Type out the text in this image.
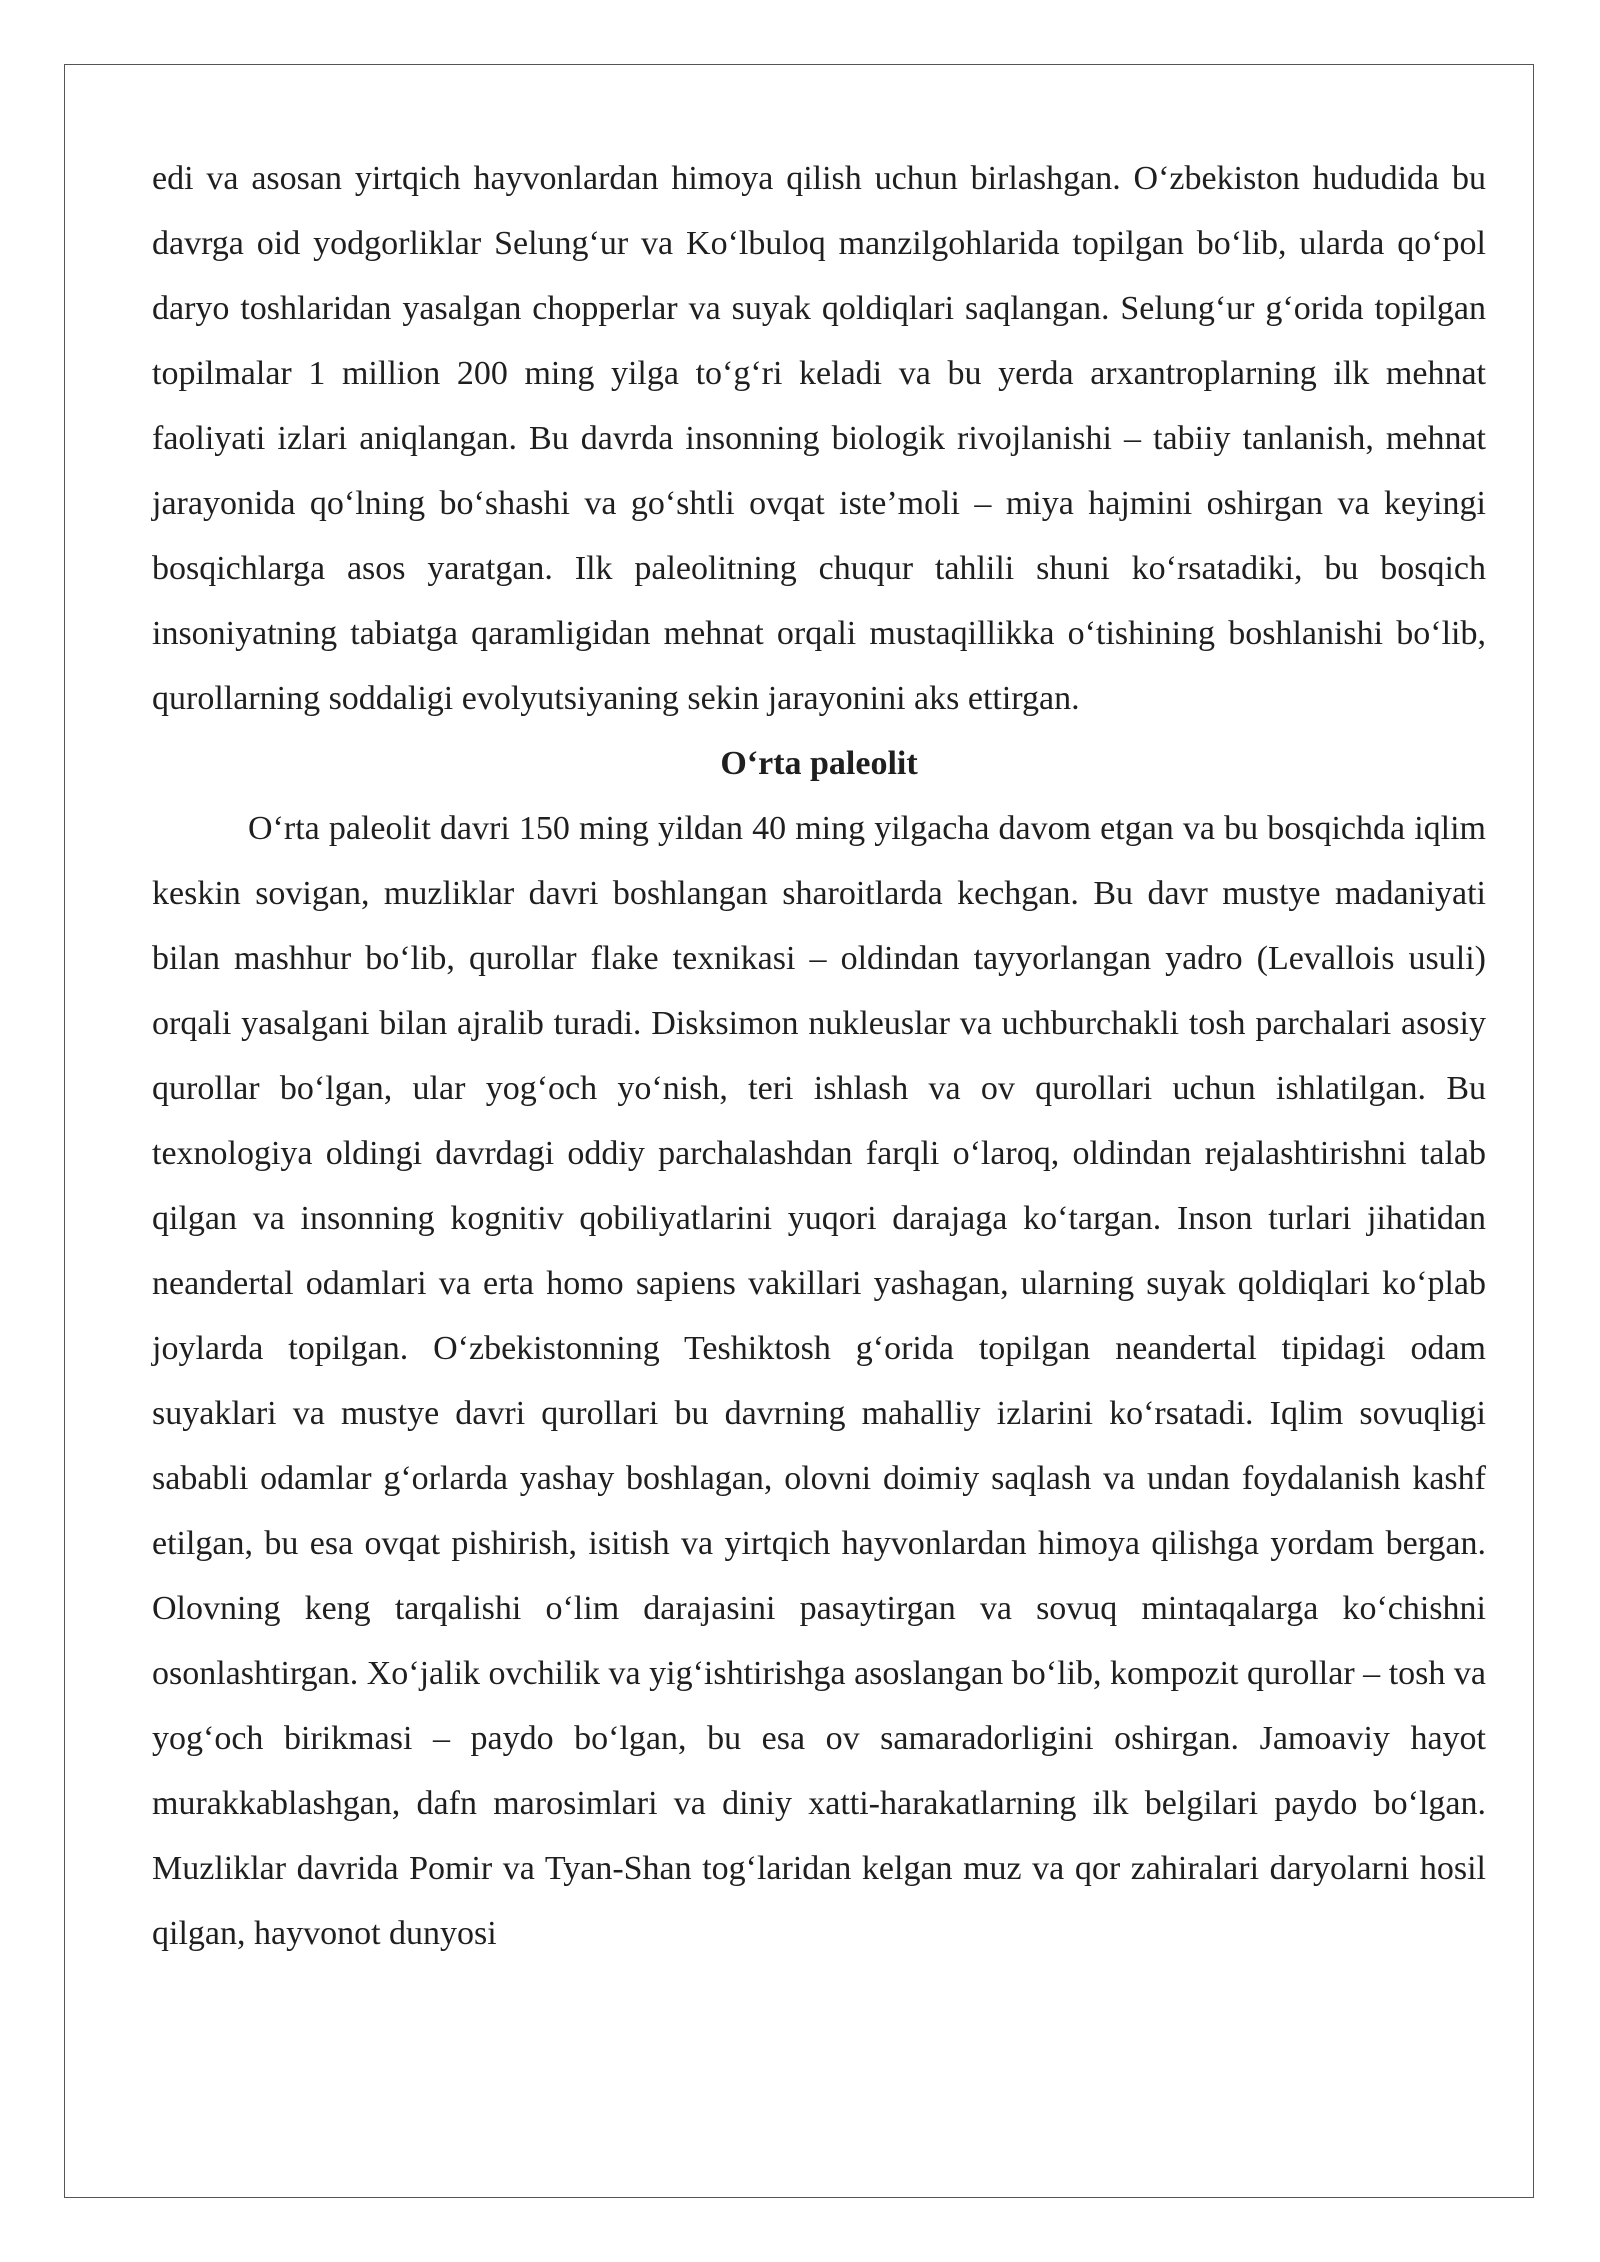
edi va asosan yirtqich hayvonlardan himoya qilish uchun birlashgan. O‘zbekiston hududida bu davrga oid yodgorliklar Selung‘ur va Ko‘lbuloq manzilgohlarida topilgan bo‘lib, ularda qo‘pol daryo toshlaridan yasalgan chopperlar va suyak qoldiqlari saqlangan. Selung‘ur g‘orida topilgan topilmalar 1 million 200 ming yilga to‘g‘ri keladi va bu yerda arxantroplarning ilk mehnat faoliyati izlari aniqlangan. Bu davrda insonning biologik rivojlanishi – tabiiy tanlanish, mehnat jarayonida qo‘lning bo‘shashi va go‘shtli ovqat iste’moli – miya hajmini oshirgan va keyingi bosqichlarga asos yaratgan. Ilk paleolitning chuqur tahlili shuni ko‘rsatadiki, bu bosqich insoniyatning tabiatga qaramligidan mehnat orqali mustaqillikka o‘tishining boshlanishi bo‘lib, qurollarning soddaligi evolyutsiyaning sekin jarayonini aks ettirgan.

O‘rta paleolit

O‘rta paleolit davri 150 ming yildan 40 ming yilgacha davom etgan va bu bosqichda iqlim keskin sovigan, muzliklar davri boshlangan sharoitlarda kechgan. Bu davr mustye madaniyati bilan mashhur bo‘lib, qurollar flake texnikasi – oldindan tayyorlangan yadro (Levallois usuli) orqali yasalgani bilan ajralib turadi. Disksimon nukleuslar va uchburchakli tosh parchalari asosiy qurollar bo‘lgan, ular yog‘och yo‘nish, teri ishlash va ov qurollari uchun ishlatilgan. Bu texnologiya oldingi davrdagi oddiy parchalashdan farqli o‘laroq, oldindan rejalashtirishni talab qilgan va insonning kognitiv qobiliyatlarini yuqori darajaga ko‘targan. Inson turlari jihatidan neandertal odamlari va erta homo sapiens vakillari yashagan, ularning suyak qoldiqlari ko‘plab joylarda topilgan. O‘zbekistonning Teshiktosh g‘orida topilgan neandertal tipidagi odam suyaklari va mustye davri qurollari bu davrning mahalliy izlarini ko‘rsatadi. Iqlim sovuqligi sababli odamlar g‘orlarda yashay boshlagan, olovni doimiy saqlash va undan foydalanish kashf etilgan, bu esa ovqat pishirish, isitish va yirtqich hayvonlardan himoya qilishga yordam bergan. Olovning keng tarqalishi o‘lim darajasini pasaytirgan va sovuq mintaqalarga ko‘chishni osonlashtirgan. Xo‘jalik ovchilik va yig‘ishtirishga asoslangan bo‘lib, kompozit qurollar – tosh va yog‘och birikmasi – paydo bo‘lgan, bu esa ov samaradorligini oshirgan. Jamoaviy hayot murakkablashgan, dafn marosimlari va diniy xatti-harakatlarning ilk belgilari paydo bo‘lgan. Muzliklar davrida Pomir va Tyan-Shan tog‘laridan kelgan muz va qor zahiralari daryolarni hosil qilgan, hayvonot dunyosi
